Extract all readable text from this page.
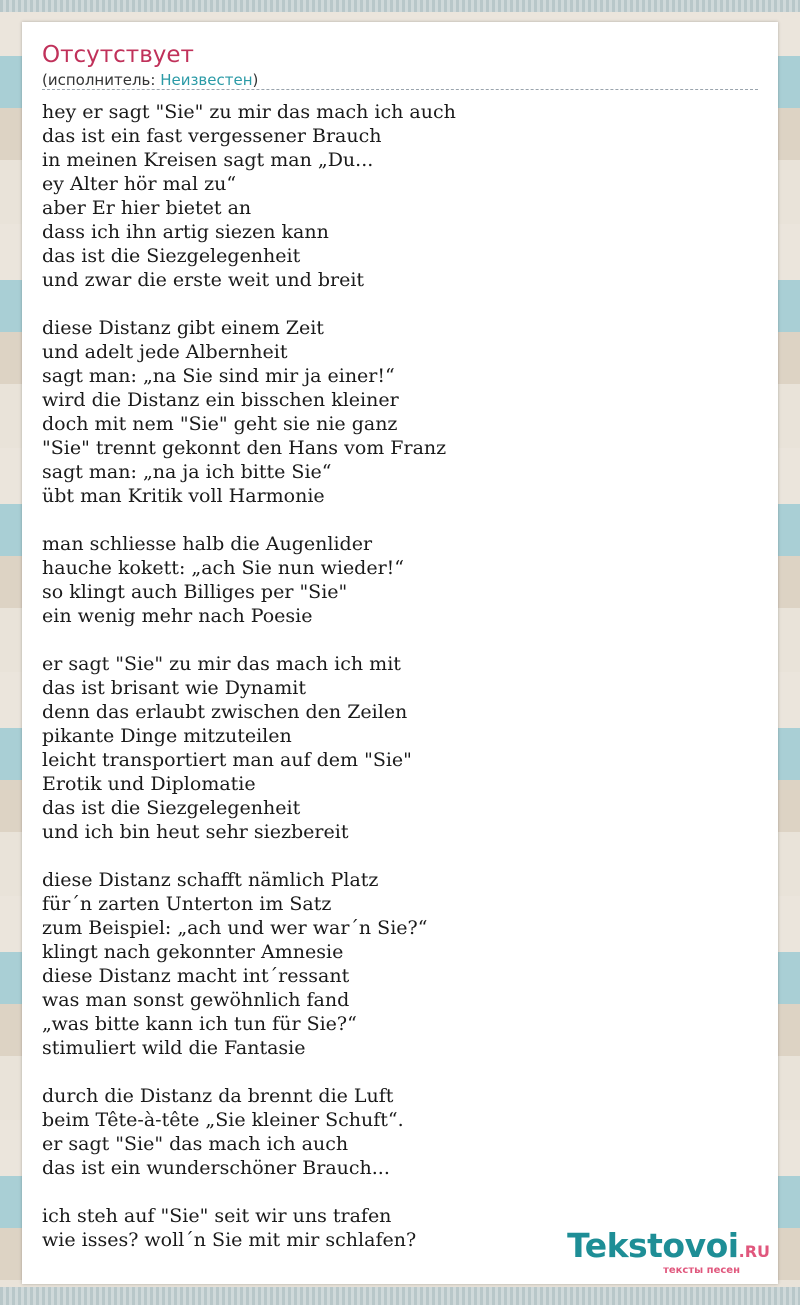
Отсутствует
(исполнитель: Неизвестен)
hey er sagt "Sie" zu mir das mach ich auch
das ist ein fast vergessener Brauch
in meinen Kreisen sagt man „Du...
ey Alter hör mal zu“
aber Er hier bietet an
dass ich ihn artig siezen kann
das ist die Siezgelegenheit
und zwar die erste weit und breit
diese Distanz gibt einem Zeit
und adelt jede Albernheit
sagt man: „na Sie sind mir ja einer!“
wird die Distanz ein bisschen kleiner
doch mit nem "Sie" geht sie nie ganz
"Sie" trennt gekonnt den Hans vom Franz
sagt man: „na ja ich bitte Sie“
übt man Kritik voll Harmonie
man schliesse halb die Augenlider
hauche kokett: „ach Sie nun wieder!“
so klingt auch Billiges per "Sie"
ein wenig mehr nach Poesie
er sagt "Sie" zu mir das mach ich mit
das ist brisant wie Dynamit
denn das erlaubt zwischen den Zeilen
pikante Dinge mitzuteilen
leicht transportiert man auf dem "Sie"
Erotik und Diplomatie
das ist die Siezgelegenheit
und ich bin heut sehr siezbereit
diese Distanz schafft nämlich Platz
für´n zarten Unterton im Satz
zum Beispiel: „ach und wer war´n Sie?“
klingt nach gekonnter Amnesie
diese Distanz macht int´ressant
was man sonst gewöhnlich fand
„was bitte kann ich tun für Sie?“
stimuliert wild die Fantasie
durch die Distanz da brennt die Luft
beim Tête-à-tête „Sie kleiner Schuft“.
er sagt "Sie" das mach ich auch
das ist ein wunderschöner Brauch...
ich steh auf "Sie" seit wir uns trafen
wie isses? woll´n Sie mit mir schlafen?	Tekstovoi.RU
тексты песен
